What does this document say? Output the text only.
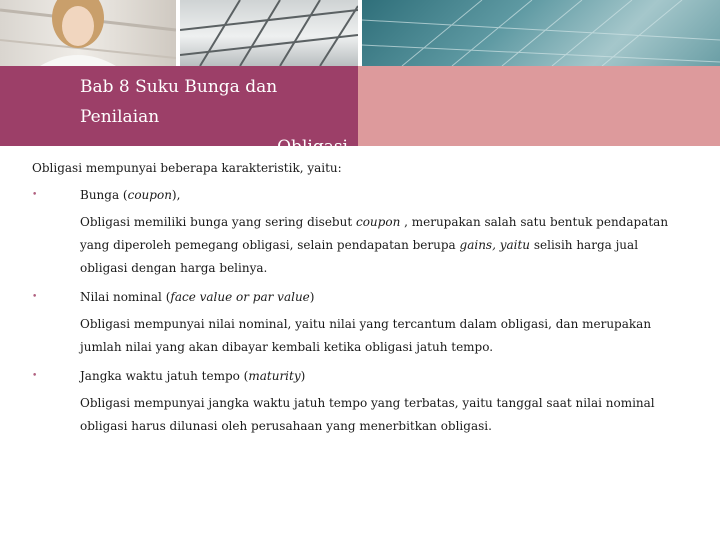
Bab 8 Suku Bunga dan Penilaian
Obligasi

Obligasi mempunyai beberapa karakteristik, yaitu:

•	Bunga (coupon),

Obligasi memiliki bunga yang sering disebut coupon , merupakan salah satu bentuk pendapatan yang diperoleh pemegang obligasi, selain pendapatan berupa gains, yaitu selisih harga jual obligasi dengan harga belinya.

•	Nilai nominal (face value or par value)

Obligasi mempunyai nilai nominal, yaitu nilai yang tercantum dalam obligasi, dan merupakan jumlah nilai yang akan dibayar kembali ketika obligasi jatuh tempo.

•	Jangka waktu jatuh tempo (maturity)

Obligasi mempunyai jangka waktu jatuh tempo yang terbatas, yaitu tanggal saat nilai nominal obligasi harus dilunasi oleh perusahaan yang menerbitkan obligasi.
